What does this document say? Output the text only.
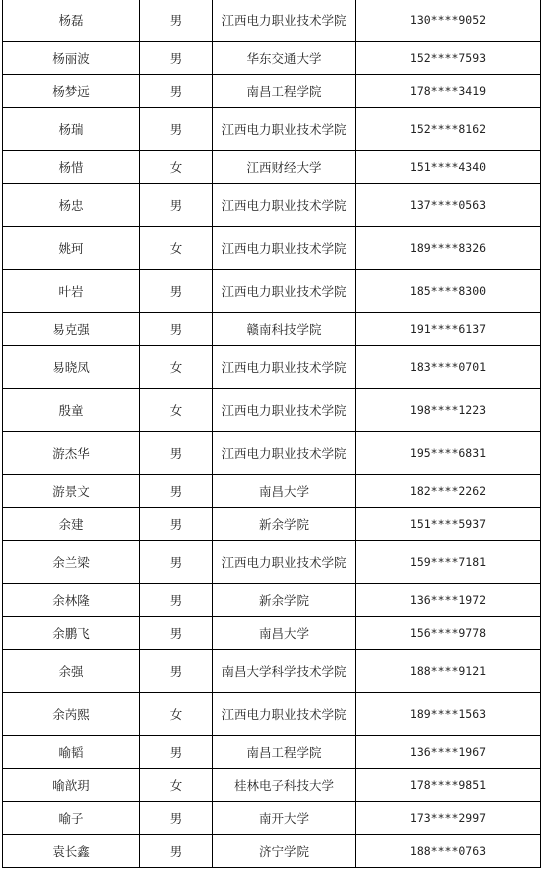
杨磊	男	江西电力职业技术学院	130****9052
杨丽波	男	华东交通大学	152****7593
杨梦远	男	南昌工程学院	178****3419
杨瑞	男	江西电力职业技术学院	152****8162
杨惜	女	江西财经大学	151****4340
杨忠	男	江西电力职业技术学院	137****0563
姚珂	女	江西电力职业技术学院	189****8326
叶岩	男	江西电力职业技术学院	185****8300
易克强	男	赣南科技学院	191****6137
易晓凤	女	江西电力职业技术学院	183****0701
殷童	女	江西电力职业技术学院	198****1223
游杰华	男	江西电力职业技术学院	195****6831
游景文	男	南昌大学	182****2262
余建	男	新余学院	151****5937
余兰梁	男	江西电力职业技术学院	159****7181
余林隆	男	新余学院	136****1972
余鹏飞	男	南昌大学	156****9778
余强	男	南昌大学科学技术学院	188****9121
余芮熙	女	江西电力职业技术学院	189****1563
喻韬	男	南昌工程学院	136****1967
喻歆玥	女	桂林电子科技大学	178****9851
喻子	男	南开大学	173****2997
袁长鑫	男	济宁学院	188****0763
